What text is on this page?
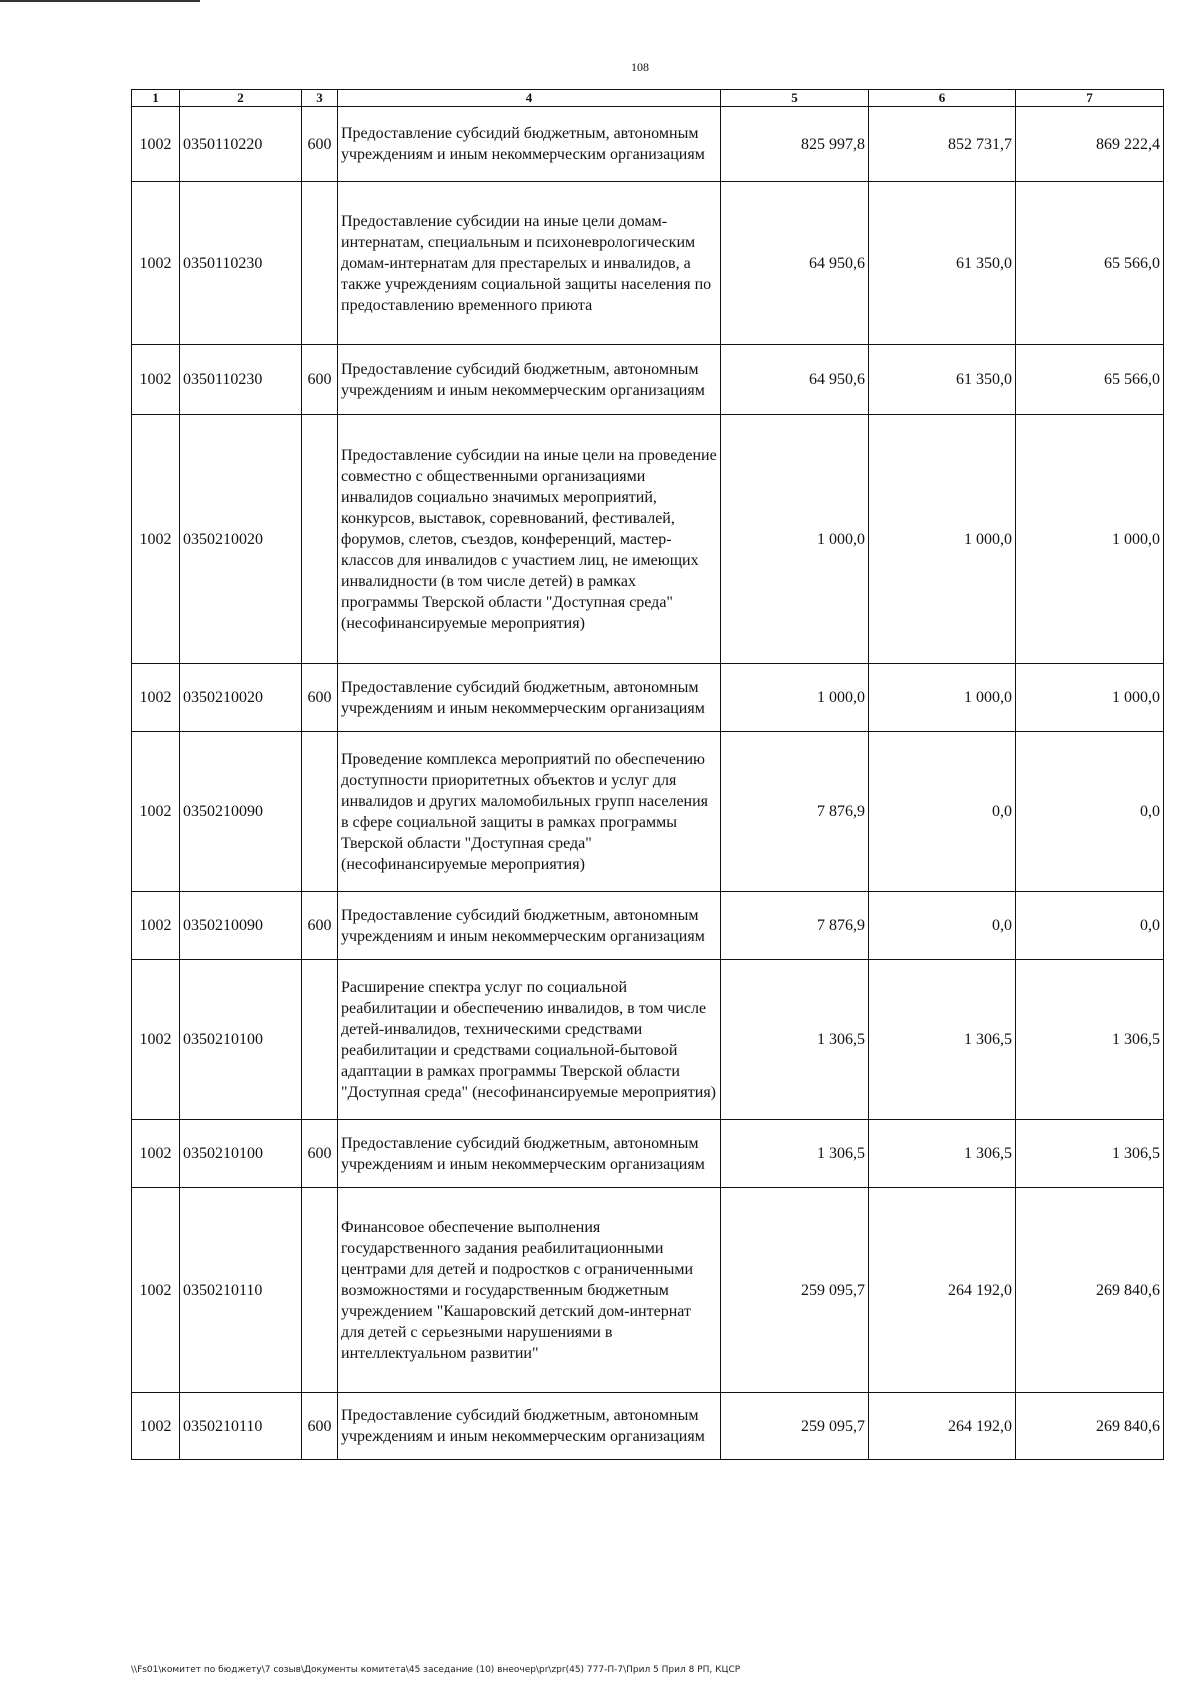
108
1	2	3	4	5	6	7
1002	0350110220	600	Предоставление субсидий бюджетным, автономным учреждениям и иным некоммерческим организациям	825 997,8	852 731,7	869 222,4
1002	0350110230		Предоставление субсидии на иные цели домам-интернатам, специальным и психоневрологическим домам-интернатам для престарелых и инвалидов, а также учреждениям социальной защиты населения по предоставлению временного приюта	64 950,6	61 350,0	65 566,0
1002	0350110230	600	Предоставление субсидий бюджетным, автономным учреждениям и иным некоммерческим организациям	64 950,6	61 350,0	65 566,0
1002	0350210020		Предоставление субсидии на иные цели на проведение совместно с общественными организациями инвалидов социально значимых мероприятий, конкурсов, выставок, соревнований, фестивалей, форумов, слетов, съездов, конференций, мастер-классов для инвалидов с участием лиц, не имеющих инвалидности (в том числе детей) в рамках программы Тверской области "Доступная среда" (несофинансируемые мероприятия)	1 000,0	1 000,0	1 000,0
1002	0350210020	600	Предоставление субсидий бюджетным, автономным учреждениям и иным некоммерческим организациям	1 000,0	1 000,0	1 000,0
1002	0350210090		Проведение комплекса мероприятий по обеспечению доступности приоритетных объектов и услуг для инвалидов и других маломобильных групп населения в сфере социальной защиты в рамках программы Тверской области "Доступная среда" (несофинансируемые мероприятия)	7 876,9	0,0	0,0
1002	0350210090	600	Предоставление субсидий бюджетным, автономным учреждениям и иным некоммерческим организациям	7 876,9	0,0	0,0
1002	0350210100		Расширение спектра услуг по социальной реабилитации и обеспечению инвалидов, в том числе детей-инвалидов, техническими средствами реабилитации и средствами социальной-бытовой адаптации в рамках программы Тверской области "Доступная среда" (несофинансируемые мероприятия)	1 306,5	1 306,5	1 306,5
1002	0350210100	600	Предоставление субсидий бюджетным, автономным учреждениям и иным некоммерческим организациям	1 306,5	1 306,5	1 306,5
1002	0350210110		Финансовое обеспечение выполнения государственного задания реабилитационными центрами для детей и подростков с ограниченными возможностями и государственным бюджетным учреждением "Кашаровский детский дом-интернат для детей с серьезными нарушениями в интеллектуальном развитии"	259 095,7	264 192,0	269 840,6
1002	0350210110	600	Предоставление субсидий бюджетным, автономным учреждениям и иным некоммерческим организациям	259 095,7	264 192,0	269 840,6
\\Fs01\комитет по бюджету\7 созыв\Документы комитета\45 заседание (10) внеочер\pr\zpr(45) 777-П-7\Прил 5 Прил 8 РП, КЦСР
